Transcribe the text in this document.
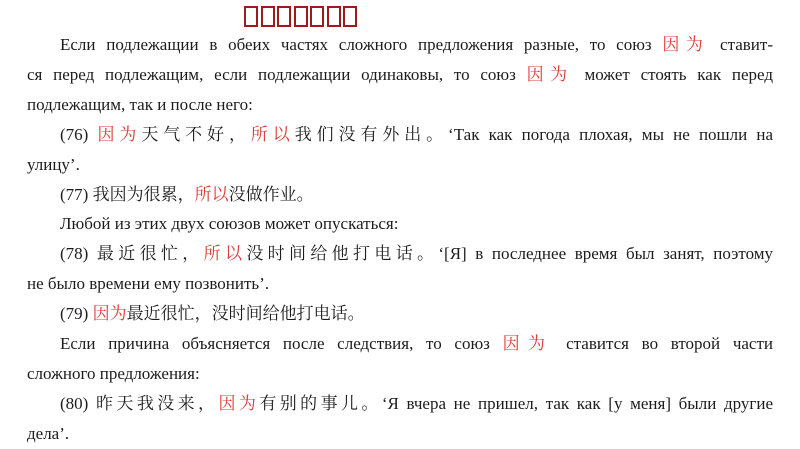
Если подлежащии в обеих частях сложного предложения разные, то союз 因为 ставит-
ся перед подлежащим, если подлежащии одинаковы, то союз 因为 может стоять как перед
подлежащим, так и после него:
(76) 因为天气不好，所以我们没有外出。‘Так как погода плохая, мы не пошли на
улицу’.
(77) 我因为很累，所以没做作业。
Любой из этих двух союзов может опускаться:
(78) 最近很忙，所以没时间给他打电话。‘[Я] в последнее время был занят, поэтому
не было времени ему позвонить’.
(79) 因为最近很忙，没时间给他打电话。
Если причина объясняется после следствия, то союз 因为 ставится во второй части
сложного предложения:
(80) 昨天我没来，因为有别的事儿。‘Я вчера не пришел, так как [у меня] были другие
дела’.
